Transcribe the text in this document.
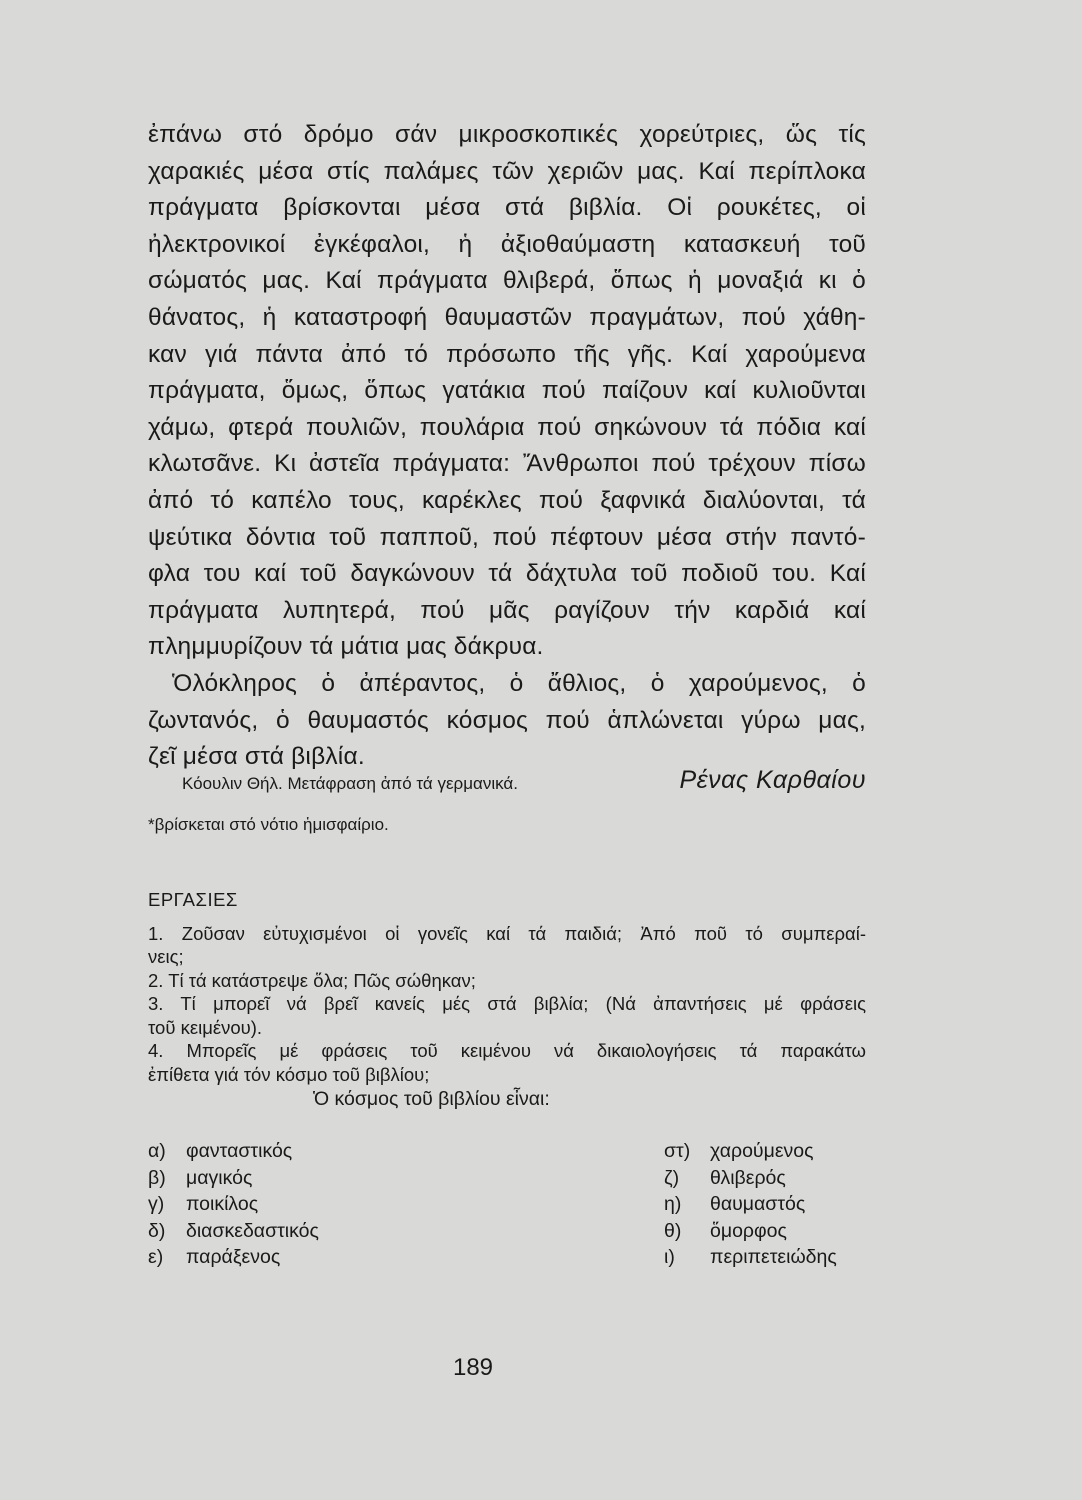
ἐπάνω στό δρόμο σάν μικροσκοπικές χορεύτριες, ὥς τίς
χαρακιές μέσα στίς παλάμες τῶν χεριῶν μας. Καί περίπλοκα
πράγματα βρίσκονται μέσα στά βιβλία. Οἱ ρουκέτες, οἱ
ἠλεκτρονικοί ἐγκέφαλοι, ἡ ἀξιοθαύμαστη κατασκευή τοῦ
σώματός μας. Καί πράγματα θλιβερά, ὅπως ἡ μοναξιά κι ὁ
θάνατος, ἡ καταστροφή θαυμαστῶν πραγμάτων, πού χάθη-
καν γιά πάντα ἀπό τό πρόσωπο τῆς γῆς. Καί χαρούμενα
πράγματα, ὅμως, ὅπως γατάκια πού παίζουν καί κυλιοῦνται
χάμω, φτερά πουλιῶν, πουλάρια πού σηκώνουν τά πόδια καί
κλωτσᾶνε. Κι ἀστεῖα πράγματα: Ἄνθρωποι πού τρέχουν πίσω
ἀπό τό καπέλο τους, καρέκλες πού ξαφνικά διαλύονται, τά
ψεύτικα δόντια τοῦ παπποῦ, πού πέφτουν μέσα στήν παντό-
φλα του καί τοῦ δαγκώνουν τά δάχτυλα τοῦ ποδιοῦ του. Καί
πράγματα λυπητερά, πού μᾶς ραγίζουν τήν καρδιά καί
πλημμυρίζουν τά μάτια μας δάκρυα.
Ὁλόκληρος ὁ ἀπέραντος, ὁ ἄθλιος, ὁ χαρούμενος, ὁ
ζωντανός, ὁ θαυμαστός κόσμος πού ἁπλώνεται γύρω μας,
ζεῖ μέσα στά βιβλία.
Κόουλιν Θήλ. Μετάφραση ἀπό τά γερμανικά.	Ρένας Καρθαίου
*βρίσκεται στό νότιο ἡμισφαίριο.
ΕΡΓΑΣΙΕΣ
1. Ζοῦσαν εὐτυχισμένοι οἱ γονεῖς καί τά παιδιά; Ἀπό ποῦ τό συμπεραί-
νεις;
2. Τί τά κατάστρεψε ὅλα; Πῶς σώθηκαν;
3. Τί μπορεῖ νά βρεῖ κανείς μές στά βιβλία; (Νά ἀπαντήσεις μέ φράσεις
τοῦ κειμένου).
4. Μπορεῖς μέ φράσεις τοῦ κειμένου νά δικαιολογήσεις τά παρακάτω
ἐπίθετα γιά τόν κόσμο τοῦ βιβλίου;
Ὁ κόσμος τοῦ βιβλίου εἶναι:
α) φανταστικός	στ) χαρούμενος
β) μαγικός	ζ) θλιβερός
γ) ποικίλος	η) θαυμαστός
δ) διασκεδαστικός	θ) ὅμορφος
ε) παράξενος	ι) περιπετειώδης
189
